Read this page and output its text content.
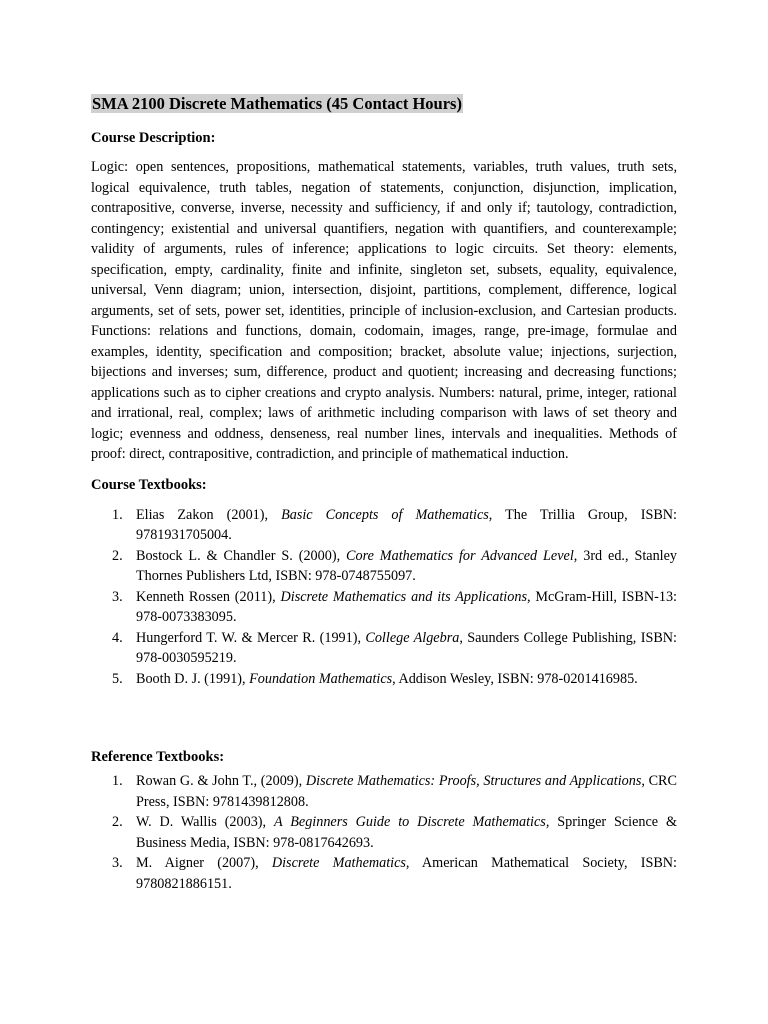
SMA 2100 Discrete Mathematics (45 Contact Hours)
Course Description:

Logic: open sentences, propositions, mathematical statements, variables, truth values, truth sets, logical equivalence, truth tables, negation of statements, conjunction, disjunction, implication, contrapositive, converse, inverse, necessity and sufficiency, if and only if; tautology, contradiction, contingency; existential and universal quantifiers, negation with quantifiers, and counterexample; validity of arguments, rules of inference; applications to logic circuits. Set theory: elements, specification, empty, cardinality, finite and infinite, singleton set, subsets, equality, equivalence, universal, Venn diagram; union, intersection, disjoint, partitions, complement, difference, logical arguments, set of sets, power set, identities, principle of inclusion-exclusion, and Cartesian products. Functions: relations and functions, domain, codomain, images, range, pre-image, formulae and examples, identity, specification and composition; bracket, absolute value; injections, surjection, bijections and inverses; sum, difference, product and quotient; increasing and decreasing functions; applications such as to cipher creations and crypto analysis. Numbers: natural, prime, integer, rational and irrational, real, complex; laws of arithmetic including comparison with laws of set theory and logic; evenness and oddness, denseness, real number lines, intervals and inequalities. Methods of proof: direct, contrapositive, contradiction, and principle of mathematical induction.

Course Textbooks:
1. Elias Zakon (2001), Basic Concepts of Mathematics, The Trillia Group, ISBN: 9781931705004.
2. Bostock L. & Chandler S. (2000), Core Mathematics for Advanced Level, 3rd ed., Stanley Thornes Publishers Ltd, ISBN: 978-0748755097.
3. Kenneth Rossen (2011), Discrete Mathematics and its Applications, McGram-Hill, ISBN-13: 978-0073383095.
4. Hungerford T. W. & Mercer R. (1991), College Algebra, Saunders College Publishing, ISBN: 978-0030595219.
5. Booth D. J. (1991), Foundation Mathematics, Addison Wesley, ISBN: 978-0201416985.
Reference Textbooks:
1. Rowan G. & John T., (2009), Discrete Mathematics: Proofs, Structures and Applications, CRC Press, ISBN: 9781439812808.
2. W. D. Wallis (2003), A Beginners Guide to Discrete Mathematics, Springer Science & Business Media, ISBN: 978-0817642693.
3. M. Aigner (2007), Discrete Mathematics, American Mathematical Society, ISBN: 9780821886151.
